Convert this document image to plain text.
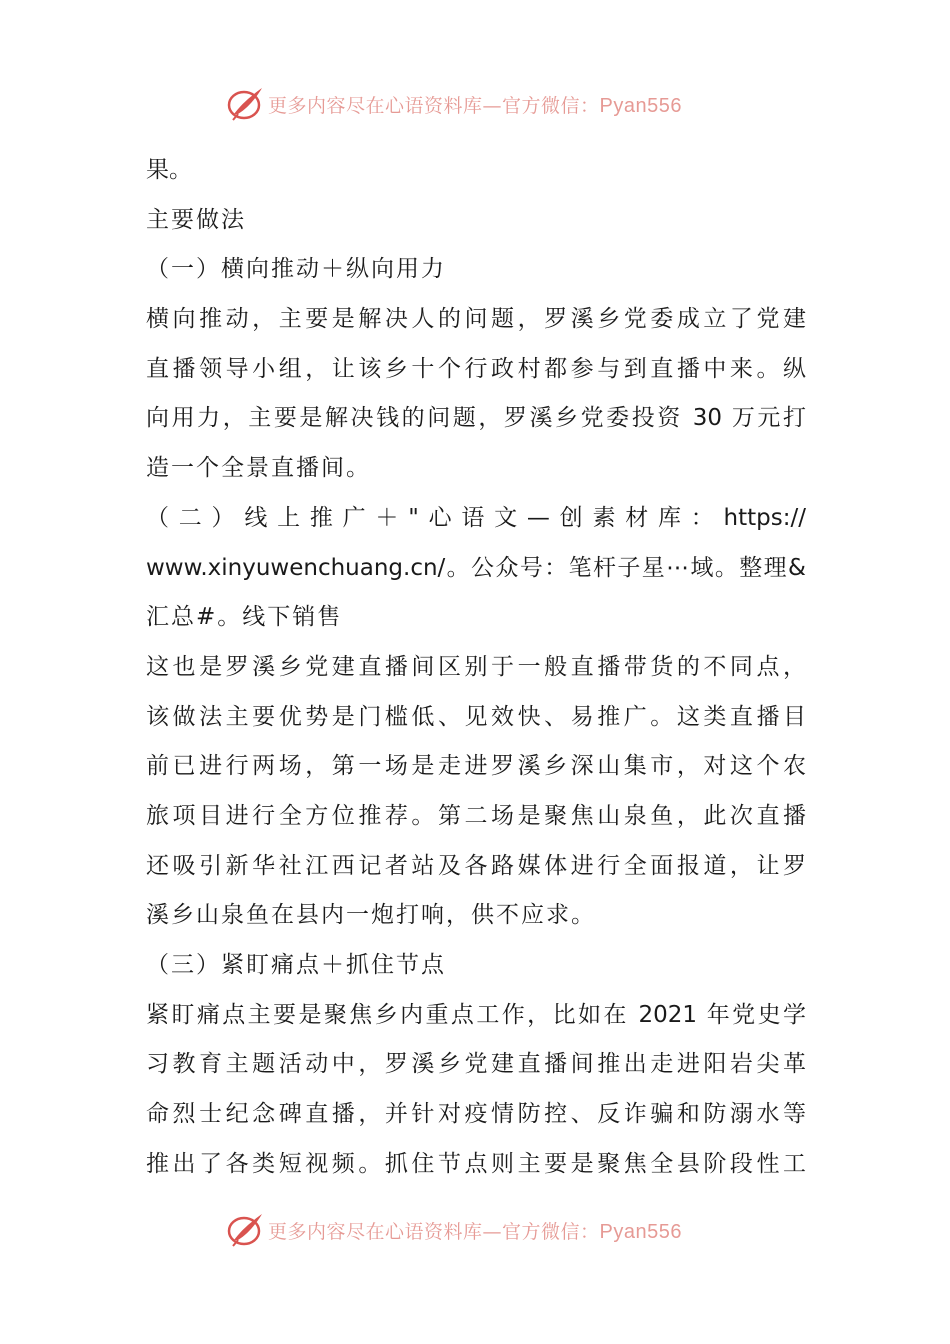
更多内容尽在心语资料库—官方微信：Pyan556
果。
主要做法
（一）横向推动＋纵向用力
横向推动，主要是解决人的问题，罗溪乡党委成立了党建
直播领导小组，让该乡十个行政村都参与到直播中来。纵
向用力，主要是解决钱的问题，罗溪乡党委投资 30 万元打
造一个全景直播间。
（二）线上推广＋"心语文—创素材库：https://
www.xinyuwenchuang.cn/。公众号：笔杆子星⋯域。整理&
汇总#。线下销售
这也是罗溪乡党建直播间区别于一般直播带货的不同点，
该做法主要优势是门槛低、见效快、易推广。这类直播目
前已进行两场，第一场是走进罗溪乡深山集市，对这个农
旅项目进行全方位推荐。第二场是聚焦山泉鱼，此次直播
还吸引新华社江西记者站及各路媒体进行全面报道，让罗
溪乡山泉鱼在县内一炮打响，供不应求。
（三）紧盯痛点＋抓住节点
紧盯痛点主要是聚焦乡内重点工作，比如在 2021 年党史学
习教育主题活动中，罗溪乡党建直播间推出走进阳岩尖革
命烈士纪念碑直播，并针对疫情防控、反诈骗和防溺水等
推出了各类短视频。抓住节点则主要是聚焦全县阶段性工
更多内容尽在心语资料库—官方微信：Pyan556
